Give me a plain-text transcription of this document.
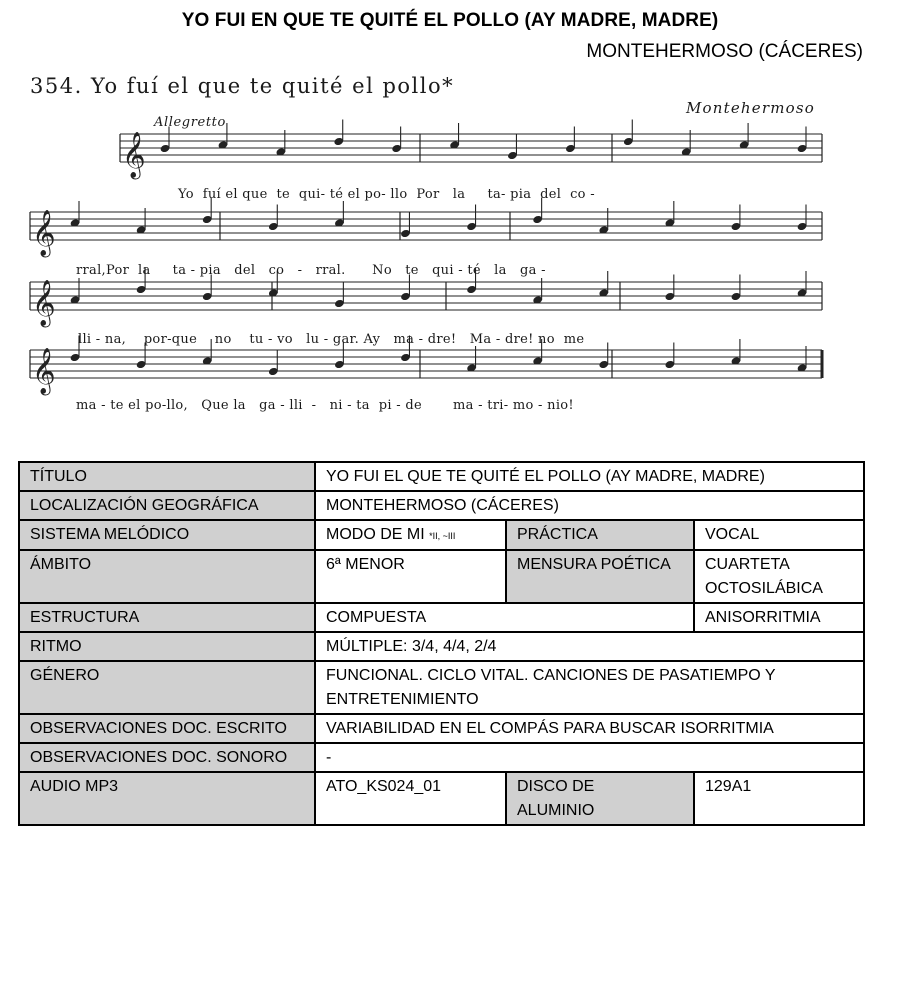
YO FUI EN QUE TE QUITÉ EL POLLO (AY MADRE, MADRE)
MONTEHERMOSO (CÁCERES)
354. Yo fuí el que te quité el pollo*
Montehermoso
Allegretto
𝄞
𝄞
𝄞
𝄞
Yo  fuí el que  te  qui- té el po- llo  Por   la     ta- pia  del  co -
rral,Por  la     ta - pia   del   co   -   rral.      No   te   qui - té   la   ga -
lli - na,    por-que    no    tu - vo   lu - gar. Ay   ma - dre!   Ma - dre! no  me
ma - te el po-llo,   Que la   ga - lli  -   ni - ta  pi - de       ma - tri- mo - nio!
TÍTULO	YO FUI EL QUE TE QUITÉ EL POLLO (AY MADRE, MADRE)		
LOCALIZACIÓN GEOGRÁFICA	MONTEHERMOSO (CÁCERES)		
SISTEMA MELÓDICO	MODO DE MI *II, ~III	PRÁCTICA	VOCAL
ÁMBITO	6ª MENOR	MENSURA POÉTICA	CUARTETA
OCTOSILÁBICA

ESTRUCTURA	COMPUESTA		ANISORRITMIA
RITMO	MÚLTIPLE: 3/4, 4/4, 2/4		
GÉNERO	FUNCIONAL. CICLO VITAL. CANCIONES DE PASATIEMPO Y
ENTRETENIMIENTO		

OBSERVACIONES DOC. ESCRITO	VARIABILIDAD EN EL COMPÁS PARA BUSCAR ISORRITMIA		
OBSERVACIONES DOC. SONORO	-		
AUDIO MP3	ATO_KS024_01	DISCO DE
ALUMINIO	129A1
